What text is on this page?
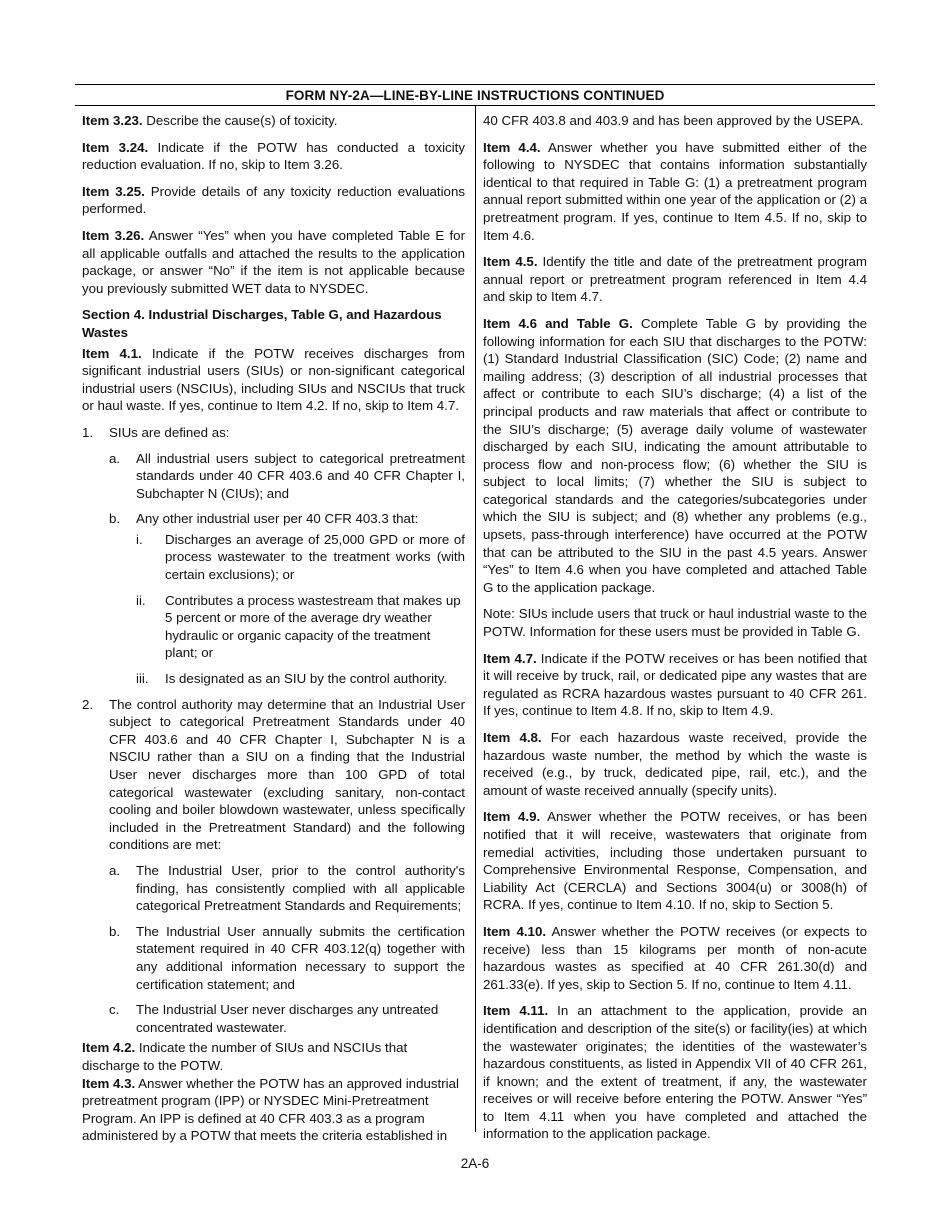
FORM NY-2A—LINE-BY-LINE INSTRUCTIONS CONTINUED

Item 3.23. Describe the cause(s) of toxicity.

Item 3.24. Indicate if the POTW has conducted a toxicity reduction evaluation. If no, skip to Item 3.26.

Item 3.25. Provide details of any toxicity reduction evaluations performed.

Item 3.26. Answer “Yes” when you have completed Table E for all applicable outfalls and attached the results to the application package, or answer “No” if the item is not applicable because you previously submitted WET data to NYSDEC.

Section 4. Industrial Discharges, Table G, and Hazardous Wastes

Item 4.1. Indicate if the POTW receives discharges from significant industrial users (SIUs) or non-significant categorical industrial users (NSCIUs), including SIUs and NSCIUs that truck or haul waste. If yes, continue to Item 4.2. If no, skip to Item 4.7.

1.	SIUs are defined as:
a.	All industrial users subject to categorical pretreatment standards under 40 CFR 403.6 and 40 CFR Chapter I, Subchapter N (CIUs); and
b.	Any other industrial user per 40 CFR 403.3 that:
i.	Discharges an average of 25,000 GPD or more of process wastewater to the treatment works (with certain exclusions); or
ii.	Contributes a process wastestream that makes up 5 percent or more of the average dry weather hydraulic or organic capacity of the treatment plant; or
iii.	Is designated as an SIU by the control authority.
2.	The control authority may determine that an Industrial User subject to categorical Pretreatment Standards under 40 CFR 403.6 and 40 CFR Chapter I, Subchapter N is a NSCIU rather than a SIU on a finding that the Industrial User never discharges more than 100 GPD of total categorical wastewater (excluding sanitary, non-contact cooling and boiler blowdown wastewater, unless specifically included in the Pretreatment Standard) and the following conditions are met:
a.	The Industrial User, prior to the control authority's finding, has consistently complied with all applicable categorical Pretreatment Standards and Requirements;
b.	The Industrial User annually submits the certification statement required in 40 CFR 403.12(q) together with any additional information necessary to support the certification statement; and
c.	The Industrial User never discharges any untreated concentrated wastewater.

Item 4.2. Indicate the number of SIUs and NSCIUs that discharge to the POTW.

Item 4.3. Answer whether the POTW has an approved industrial pretreatment program (IPP) or NYSDEC Mini-Pretreatment Program. An IPP is defined at 40 CFR 403.3 as a program administered by a POTW that meets the criteria established in

40 CFR 403.8 and 403.9 and has been approved by the USEPA.

Item 4.4. Answer whether you have submitted either of the following to NYSDEC that contains information substantially identical to that required in Table G: (1) a pretreatment program annual report submitted within one year of the application or (2) a pretreatment program. If yes, continue to Item 4.5. If no, skip to Item 4.6.

Item 4.5. Identify the title and date of the pretreatment program annual report or pretreatment program referenced in Item 4.4 and skip to Item 4.7.

Item 4.6 and Table G. Complete Table G by providing the following information for each SIU that discharges to the POTW: (1) Standard Industrial Classification (SIC) Code; (2) name and mailing address; (3) description of all industrial processes that affect or contribute to each SIU’s discharge; (4) a list of the principal products and raw materials that affect or contribute to the SIU’s discharge; (5) average daily volume of wastewater discharged by each SIU, indicating the amount attributable to process flow and non-process flow; (6) whether the SIU is subject to local limits; (7) whether the SIU is subject to categorical standards and the categories/subcategories under which the SIU is subject; and (8) whether any problems (e.g., upsets, pass-through interference) have occurred at the POTW that can be attributed to the SIU in the past 4.5 years. Answer “Yes” to Item 4.6 when you have completed and attached Table G to the application package.

Note: SIUs include users that truck or haul industrial waste to the POTW. Information for these users must be provided in Table G.

Item 4.7. Indicate if the POTW receives or has been notified that it will receive by truck, rail, or dedicated pipe any wastes that are regulated as RCRA hazardous wastes pursuant to 40 CFR 261. If yes, continue to Item 4.8. If no, skip to Item 4.9.

Item 4.8. For each hazardous waste received, provide the hazardous waste number, the method by which the waste is received (e.g., by truck, dedicated pipe, rail, etc.), and the amount of waste received annually (specify units).

Item 4.9. Answer whether the POTW receives, or has been notified that it will receive, wastewaters that originate from remedial activities, including those undertaken pursuant to Comprehensive Environmental Response, Compensation, and Liability Act (CERCLA) and Sections 3004(u) or 3008(h) of RCRA. If yes, continue to Item 4.10. If no, skip to Section 5.

Item 4.10. Answer whether the POTW receives (or expects to receive) less than 15 kilograms per month of non-acute hazardous wastes as specified at 40 CFR 261.30(d) and 261.33(e). If yes, skip to Section 5. If no, continue to Item 4.11.

Item 4.11. In an attachment to the application, provide an identification and description of the site(s) or facility(ies) at which the wastewater originates; the identities of the wastewater’s hazardous constituents, as listed in Appendix VII of 40 CFR 261, if known; and the extent of treatment, if any, the wastewater receives or will receive before entering the POTW. Answer “Yes” to Item 4.11 when you have completed and attached the information to the application package.

2A-6
